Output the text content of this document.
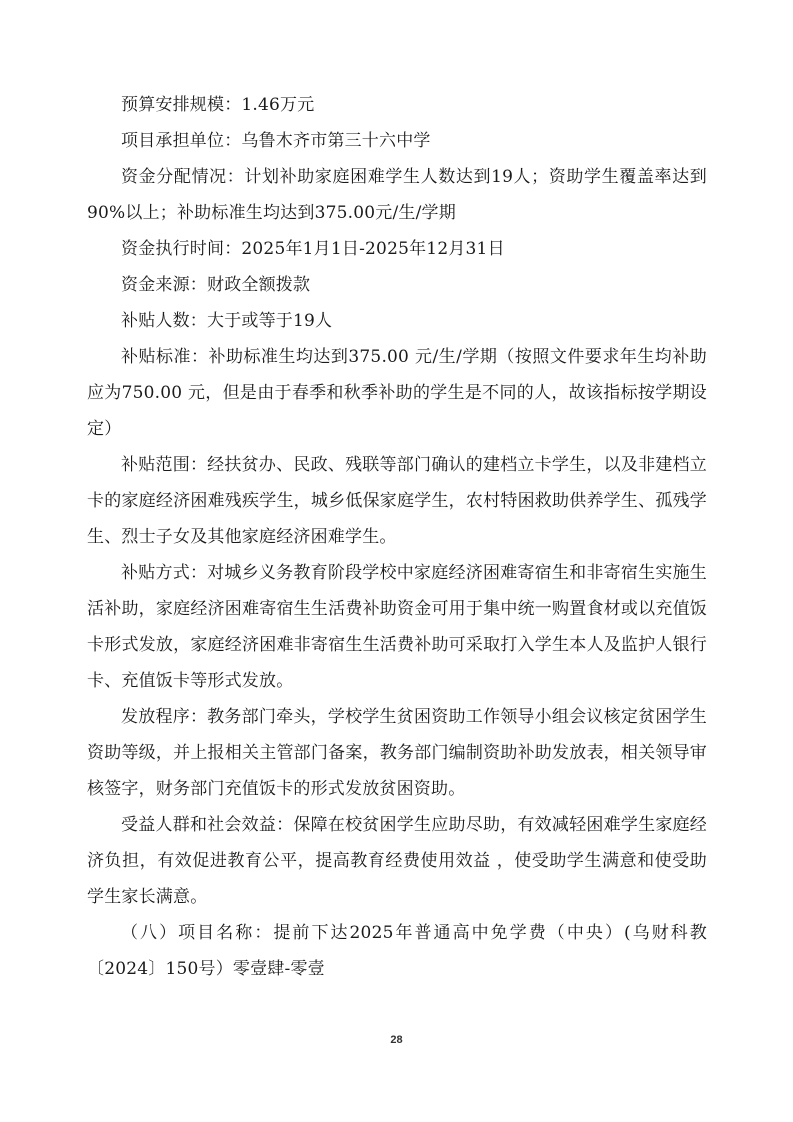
预算安排规模：1.46万元

项目承担单位：乌鲁木齐市第三十六中学

资金分配情况：计划补助家庭困难学生人数达到19人；资助学生覆盖率达到90%以上；补助标准生均达到375.00元/生/学期

资金执行时间：2025年1月1日-2025年12月31日

资金来源：财政全额拨款

补贴人数：大于或等于19人

补贴标准：补助标准生均达到375.00 元/生/学期（按照文件要求年生均补助应为750.00 元，但是由于春季和秋季补助的学生是不同的人，故该指标按学期设定）

补贴范围：经扶贫办、民政、残联等部门确认的建档立卡学生，以及非建档立卡的家庭经济困难残疾学生，城乡低保家庭学生，农村特困救助供养学生、孤残学生、烈士子女及其他家庭经济困难学生。

补贴方式：对城乡义务教育阶段学校中家庭经济困难寄宿生和非寄宿生实施生活补助，家庭经济困难寄宿生生活费补助资金可用于集中统一购置食材或以充值饭卡形式发放，家庭经济困难非寄宿生生活费补助可采取打入学生本人及监护人银行卡、充值饭卡等形式发放。

发放程序：教务部门牵头，学校学生贫困资助工作领导小组会议核定贫困学生资助等级，并上报相关主管部门备案，教务部门编制资助补助发放表，相关领导审核签字，财务部门充值饭卡的形式发放贫困资助。

受益人群和社会效益：保障在校贫困学生应助尽助，有效减轻困难学生家庭经济负担，有效促进教育公平，提高教育经费使用效益 ，使受助学生满意和使受助学生家长满意。

（八）项目名称：提前下达2025年普通高中免学费（中央）(乌财科教〔2024〕150号）零壹肆-零壹

28
